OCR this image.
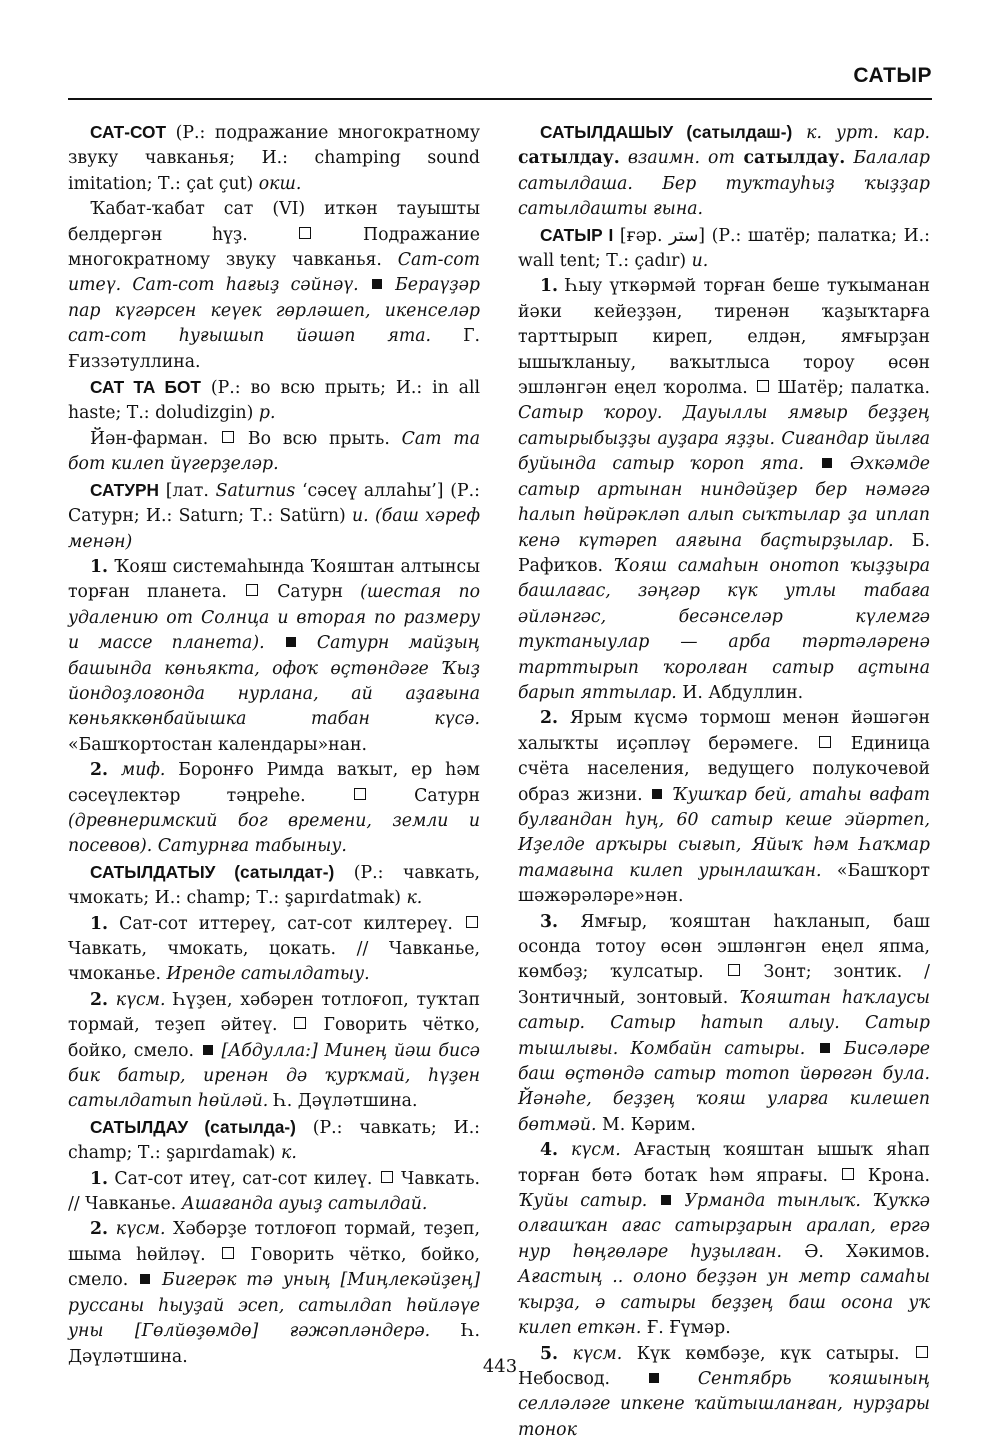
САТЫР

САТ-СОТ (Р.: подражание многократному звуку чавканья; И.: champing sound imitation; Т.: çat çut) окш.

Ҡабат-ҡабат сат (VI) иткән тауышты белдергән һүҙ.  Подражание многократному звуку чавканья. Сат-сот итеү. Сат-сот һағыҙ сәйнәү.  Бераүҙәр пар күгәрсен кеүек гөрләшеп, икенселәр сат-сот һуғышып йәшәп ята. Г. Ғиззәтуллина.

САТ ТА БОТ (Р.: во всю прыть; И.: in all haste; Т.: doludizgin) р.

Йән-фарман.  Во всю прыть. Сат та бот килеп йүгерҙеләр.

САТУРН [лат. Saturnus ‘сәсеү аллаһы’] (Р.: Сатурн; И.: Saturn; Т.: Satürn) и. (баш хәреф менән)

1. Ҡояш системаһында Ҡояштан алтынсы торған планета.  Сатурн (шестая по удалению от Солнца и вторая по размеру и массе планета).  Сатурн майҙың башында көньякта, офоҡ өҫтөндәге Ҡыҙ йондоҙлоғонда нурлана, ай аҙағына көньяккөнбайышка табан күсә. «Башҡортостан календары»нан.

2. миф. Боронғо Римда ваҡыт, ер һәм сәсеүлектәр тәңреһе.  Сатурн (древнеримский бог времени, земли и посевов). Сатурнға табыныу.

САТЫЛДАТЫУ (сатылдат-) (Р.: чавкать, чмокать; И.: champ; Т.: şapırdatmak) к.

1. Сат-сот иттереү, сат-сот килтереү.  Чавкать, чмокать, цокать. // Чавканье, чмоканье. Иренде сатылдатыу.

2. күсм. Һүҙен, хәбәрен тотлоғоп, туҡтап тормай, теҙеп әйтеү.  Говорить чётко, бойко, смело.  [Абдулла:] Минең йәш бисә бик батыр, иренән дә ҡурҡмай, һүҙен сатылдатып һөйләй. Һ. Дәүләтшина.

САТЫЛДАУ (сатылда-) (Р.: чавкать; И.: champ; Т.: şapırdamak) к.

1. Сат-сот итеү, сат-сот килеү.  Чавкать. // Чавканье. Ашағанда ауыҙ сатылдай.

2. күсм. Хәбәрҙе тотлоғоп тормай, теҙеп, шыма һөйләү.  Говорить чётко, бойко, смело.  Бигерәк тә уның [Миңлекәйҙең] руссаны һыуҙай эсеп, сатылдап һөйләүе уны [Гөлйөҙөмдө] ғәжәпләндерә. Һ. Дәүләтшина.

САТЫЛДАШЫУ (сатылдаш-) к. урт. кар. сатылдау. взаимн. от сатылдау. Балалар сатылдаша. Бер туҡтауһыҙ ҡыҙҙар сатылдашты ғына.

САТЫР I [ғәр. ستر] (Р.: шатёр; палатка; И.: wall tent; Т.: çadır) и.

1. Һыу үткәрмәй торған беше туҡыманан йәки кейеҙҙән, тиренән ҡаҙыҡтарға тарттырып киреп, елдән, ямғырҙан ышыҡланыу, ваҡытлыса тороу өсөн эшләнгән еңел ҡоролма.  Шатёр; палатка. Сатыр ҡороу. Дауыллы ямғыр беҙҙең сатырыбыҙҙы ауҙара яҙҙы. Сиғандар йылға буйында сатыр ҡороп ята.  Әхкәмде сатыр артынан ниндәйҙер бер нәмәгә һалып һөйрәкләп алып сыҡтылар ҙа иплап кенә күтәреп аяғына баҫтырҙылар. Б. Рафиҡов. Ҡояш самаһын онотоп ҡыҙҙыра башлағас, зәңгәр күк утлы табаға әйләнгәс, бесәнселәр күлемгә туктаныулар — арба тәртәләренә тарттырып ҡоролған сатыр аҫтына барып яттылар. И. Абдуллин.

2. Ярым күсмә тормош менән йәшәгән халыҡты иҫәпләү берәмеге.  Единица счёта населения, ведущего полукочевой образ жизни.  Ҡушҡар бей, атаһы вафат булғандан һуң, 60 сатыр кеше эйәртеп, Иҙелде арҡыры сығып, Яйыҡ һәм Һаҡмар тамағына килеп урынлашҡан. «Башҡорт шәжәрәләре»нән.

3. Ямғыр, ҡояштан һаҡланып, баш осонда тотоу өсөн эшләнгән еңел япма, көмбәҙ; ҡулсатыр.  Зонт; зонтик. / Зонтичный, зонтовый. Ҡояштан һаҡлаусы сатыр. Сатыр һатып алыу. Сатыр тышлығы. Комбайн сатыры.  Бисәләре баш өҫтөндә сатыр тотоп йөрөгән була. Йәнәһе, беҙҙең ҡояш уларға килешеп бөтмәй. М. Кәрим.

4. күсм. Ағастың ҡояштан ышыҡ яһап торған бөтә ботаҡ һәм япрағы.  Крона. Ҡуйы сатыр.  Урманда тынлыҡ. Ҡуҡкә олғашҡан ағас сатырҙарын аралап, ергә нур һөңгөләре һуҙылған. Ә. Хәкимов. Ағастың .. олоно беҙҙән ун метр самаһы ҡырҙа, ә сатыры беҙҙең баш осона уҡ килеп еткән. Ғ. Ғүмәр.

5. күсм. Күк көмбәҙе, күк сатыры.  Небосвод.  Сентябрь ҡояшының селләләге ипкене ҡайтышланған, нурҙары тонок

443
